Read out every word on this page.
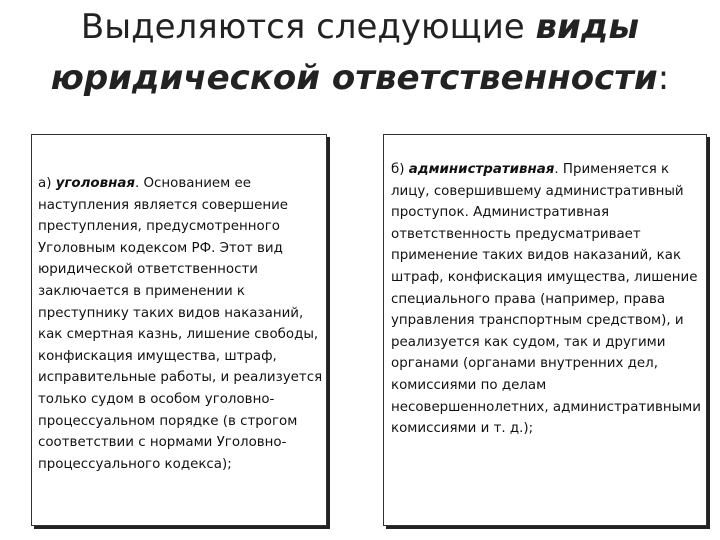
Выделяются следующие виды
юридической ответственности:
а) уголовная. Основанием ее наступления является совершение преступления, предусмотренного Уголовным кодексом РФ. Этот вид юридической ответственности заключается в применении к преступнику таких видов наказаний, как смертная казнь, лишение свободы, конфискация имущества, штраф, исправительные работы, и реализуется только судом в особом уголовно-процессуальном порядке (в строгом соответствии с нормами Уголовно-процессуального кодекса);
б) административная. Применяется к лицу, совершившему административный проступок. Административная ответственность предусматривает применение таких видов наказаний, как штраф, конфискация имущества, лишение специального права (например, права управления транспортным средством), и реализуется как судом, так и другими органами (органами внутренних дел, комиссиями по делам несовершеннолетних, административными комиссиями и т. д.);
